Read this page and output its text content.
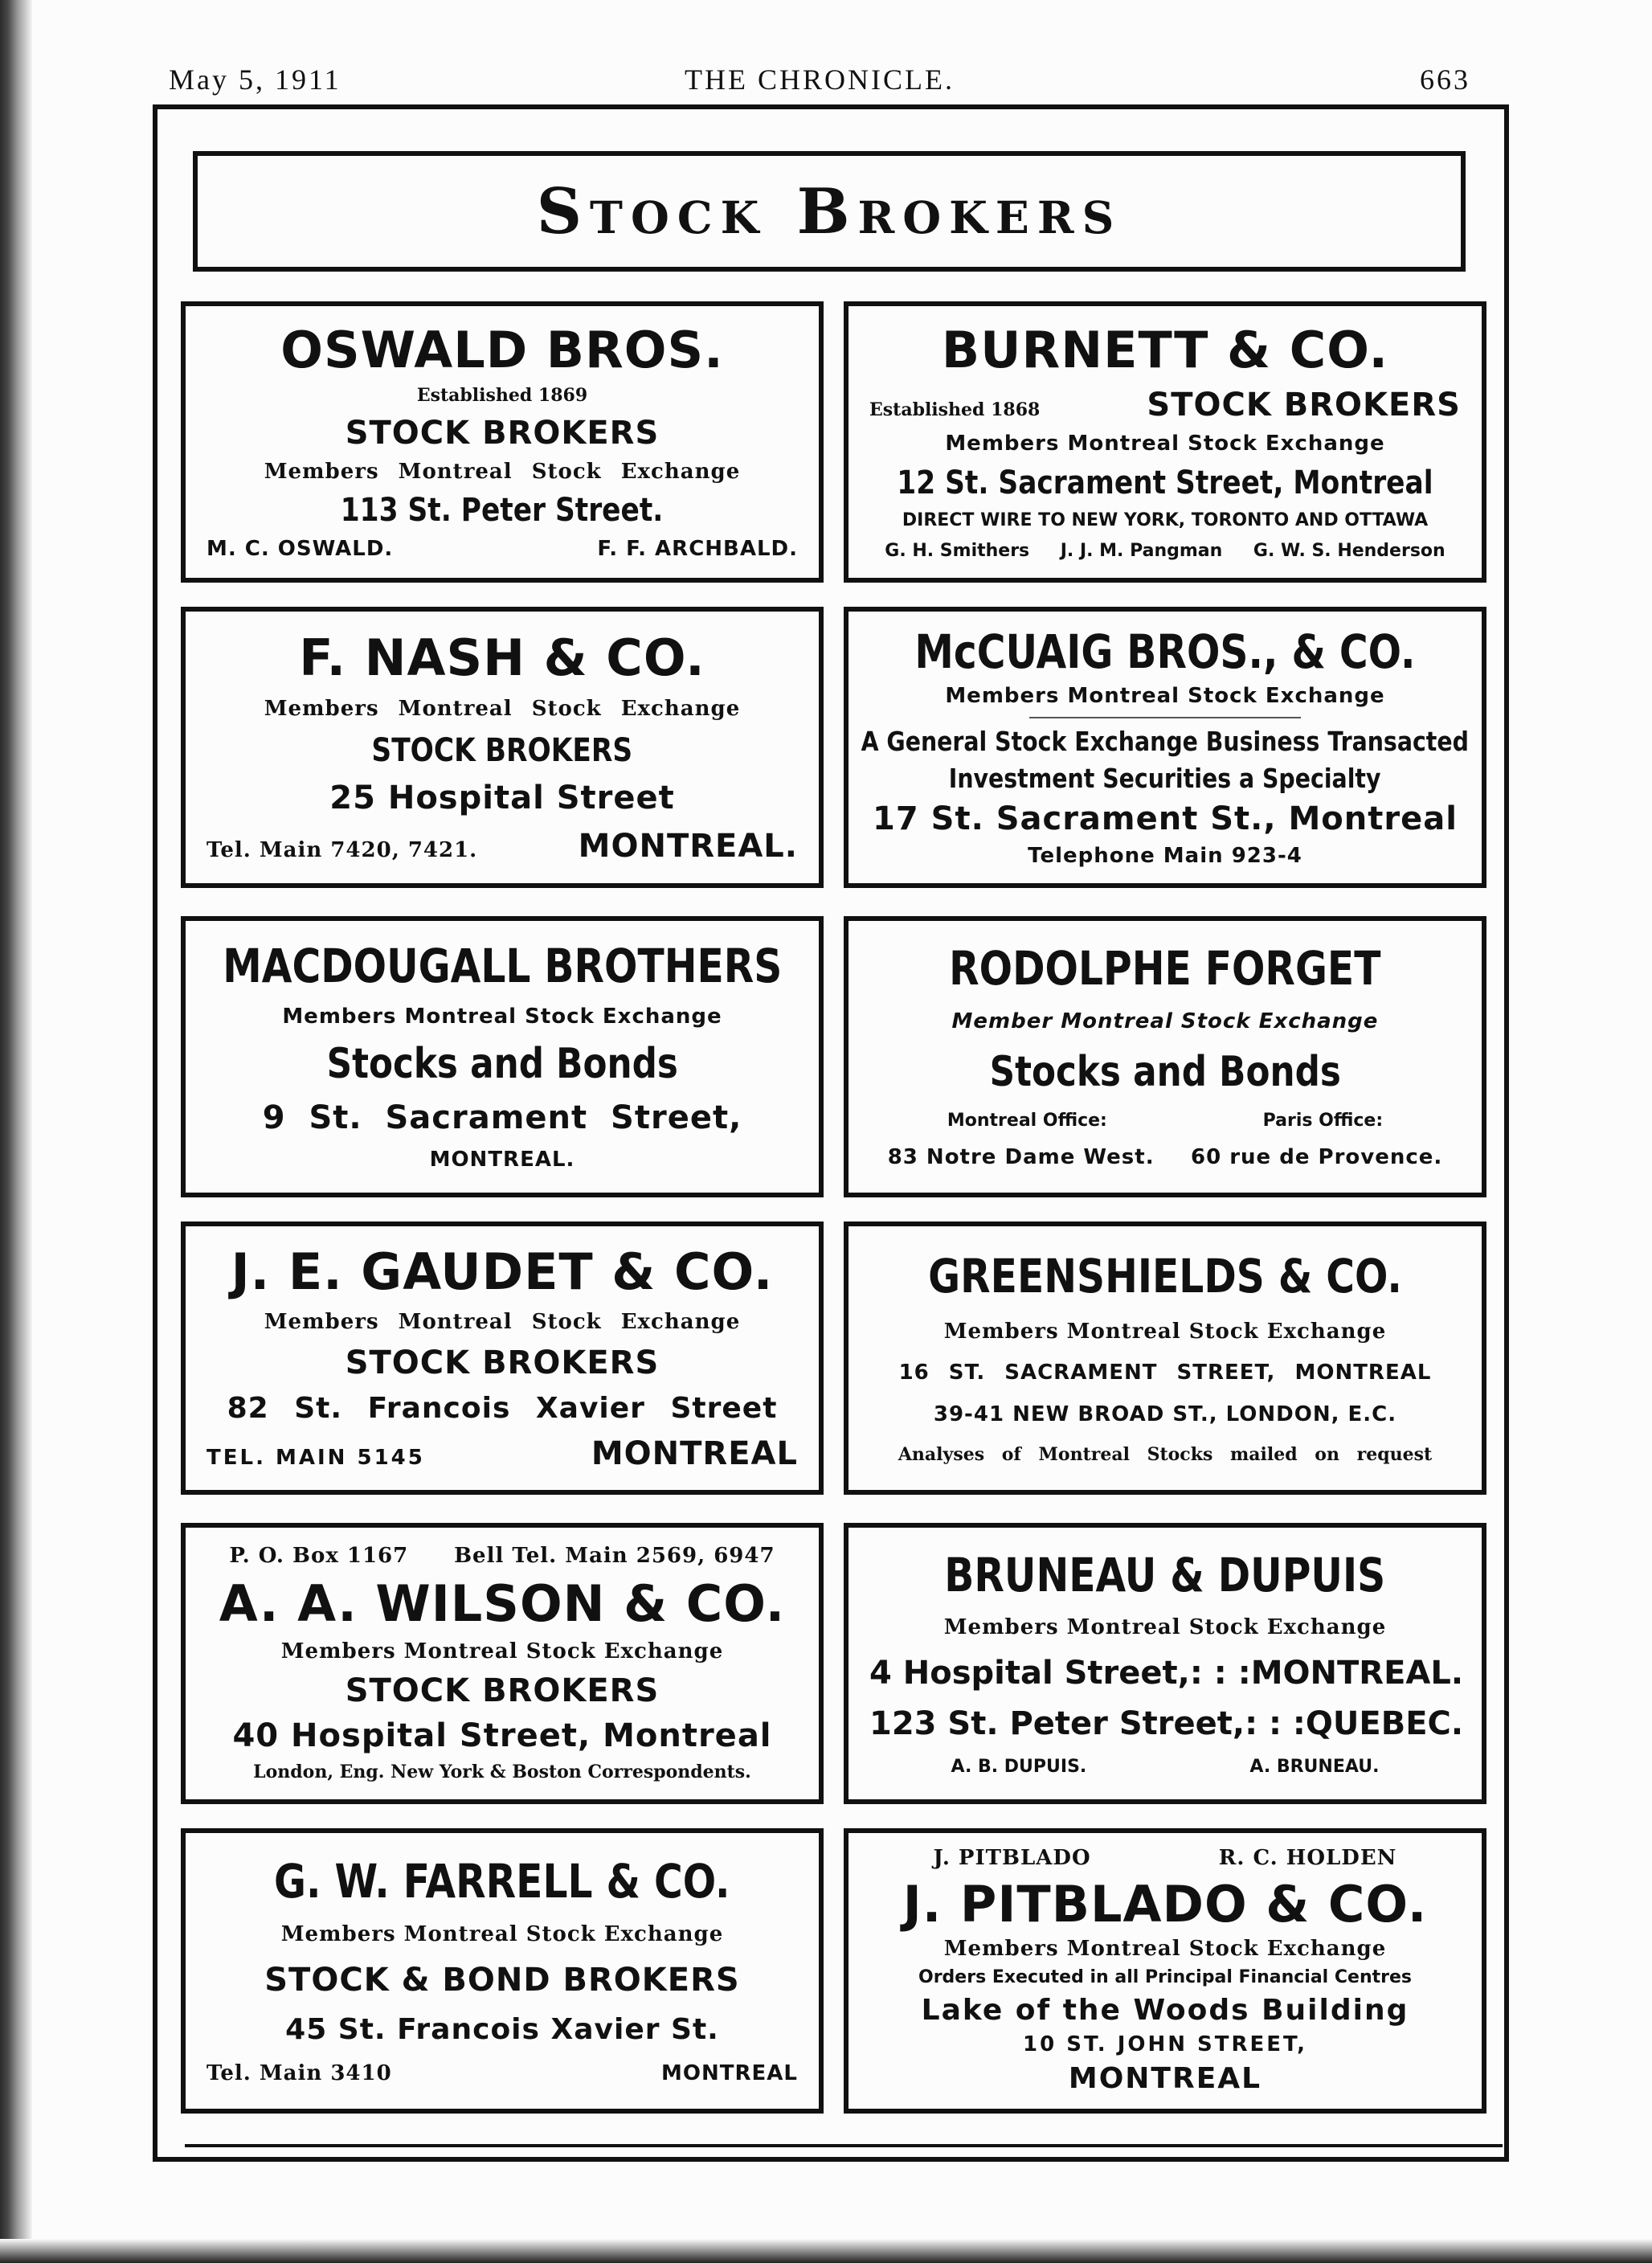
May 5, 1911	THE CHRONICLE.	663
Stock Brokers
OSWALD BROS.
Established 1869
STOCK BROKERS
Members Montreal Stock Exchange
113 St. Peter Street.
M. C. OSWALD.	F. F. ARCHBALD.
BURNETT & CO.
Established 1868	STOCK BROKERS
Members Montreal Stock Exchange
12 St. Sacrament Street, Montreal
DIRECT WIRE TO NEW YORK, TORONTO AND OTTAWA
G. H. Smithers J. J. M. Pangman G. W. S. Henderson
F. NASH & CO.
Members Montreal Stock Exchange
STOCK BROKERS
25 Hospital Street
Tel. Main 7420, 7421.	MONTREAL.
McCUAIG BROS., & CO.
Members Montreal Stock Exchange
A General Stock Exchange Business Transacted
Investment Securities a Specialty
17 St. Sacrament St., Montreal
Telephone Main 923-4
MACDOUGALL BROTHERS
Members Montreal Stock Exchange
Stocks and Bonds
9 St. Sacrament Street,
MONTREAL.
RODOLPHE FORGET
Member Montreal Stock Exchange
Stocks and Bonds
Montreal Office:	Paris Office:
83 Notre Dame West. 60 rue de Provence.
J. E. GAUDET & CO.
Members Montreal Stock Exchange
STOCK BROKERS
82 St. Francois Xavier Street
TEL. MAIN 5145	MONTREAL
GREENSHIELDS & CO.
Members Montreal Stock Exchange
16 ST. SACRAMENT STREET, MONTREAL
39-41 NEW BROAD ST., LONDON, E.C.
Analyses of Montreal Stocks mailed on request
P. O. Box 1167 Bell Tel. Main 2569, 6947
A. A. WILSON & CO.
Members Montreal Stock Exchange
STOCK BROKERS
40 Hospital Street, Montreal
London, Eng. New York & Boston Correspondents.
BRUNEAU & DUPUIS
Members Montreal Stock Exchange
4 Hospital Street, : : : MONTREAL.
123 St. Peter Street, : : : QUEBEC.
A. B. DUPUIS.	A. BRUNEAU.
G. W. FARRELL & CO.
Members Montreal Stock Exchange
STOCK & BOND BROKERS
45 St. Francois Xavier St.
Tel. Main 3410	MONTREAL
J. PITBLADO	R. C. HOLDEN
J. PITBLADO & CO.
Members Montreal Stock Exchange
Orders Executed in all Principal Financial Centres
Lake of the Woods Building
10 ST. JOHN STREET,
MONTREAL
